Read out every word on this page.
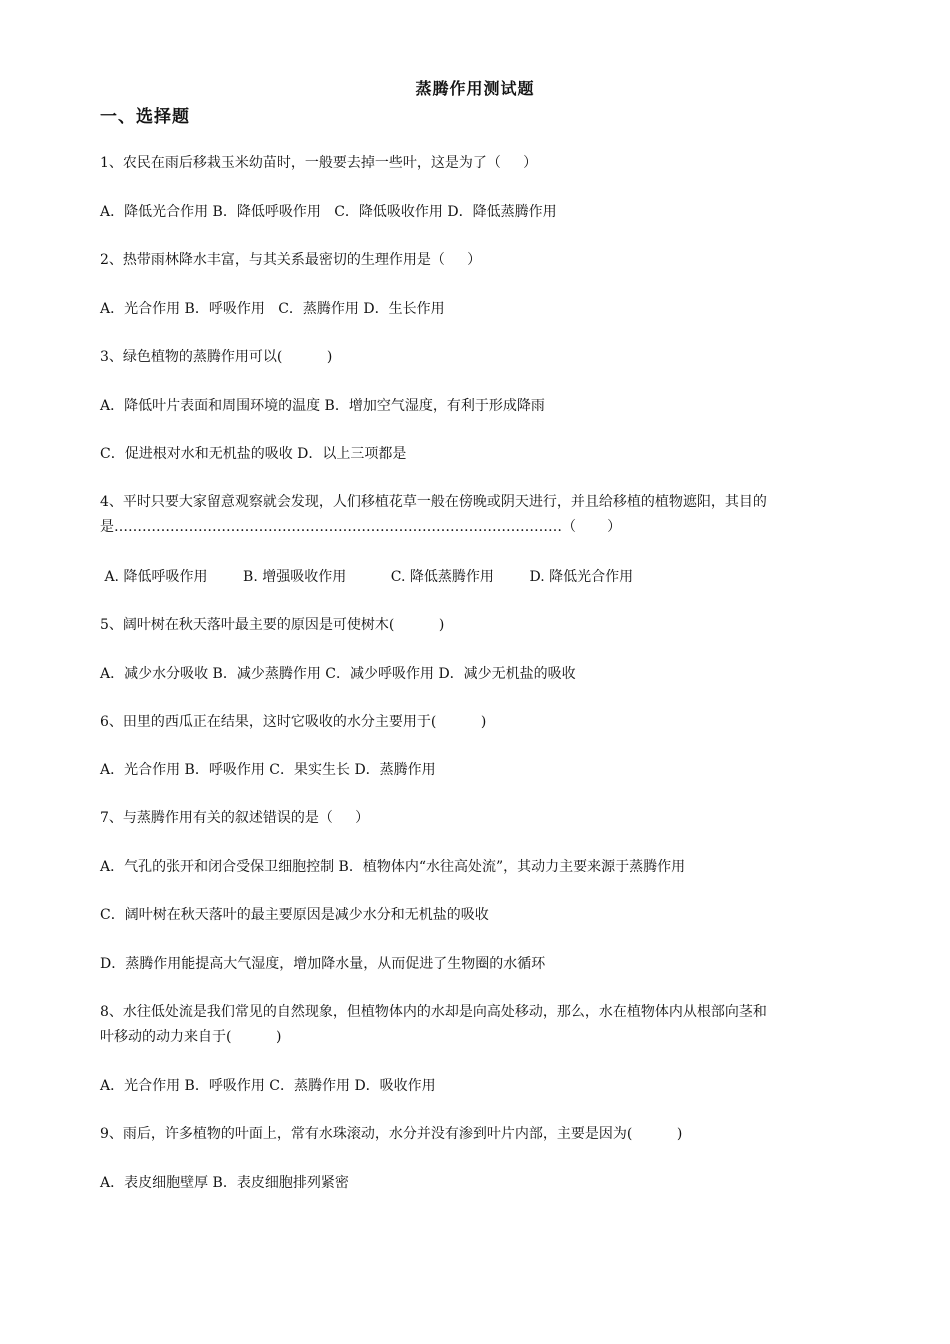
蒸腾作用测试题
一、选择题
1、农民在雨后移栽玉米幼苗时，一般要去掉一些叶，这是为了（     ）
A．降低光合作用 B．降低呼吸作用   C．降低吸收作用 D．降低蒸腾作用
2、热带雨林降水丰富，与其关系最密切的生理作用是（     ）
A．光合作用 B．呼吸作用   C．蒸腾作用 D．生长作用
3、绿色植物的蒸腾作用可以(          )
A．降低叶片表面和周围环境的温度 B．增加空气湿度，有利于形成降雨
C．促进根对水和无机盐的吸收 D．以上三项都是
4、平时只要大家留意观察就会发现，人们移植花草一般在傍晚或阴天进行，并且给移植的植物遮阳，其目的
是……………………………………………………………………………………（       ）
A. 降低呼吸作用        B. 增强吸收作用          C. 降低蒸腾作用        D. 降低光合作用
5、阔叶树在秋天落叶最主要的原因是可使树木(          )
A．减少水分吸收 B．减少蒸腾作用 C．减少呼吸作用 D．减少无机盐的吸收
6、田里的西瓜正在结果，这时它吸收的水分主要用于(          )
A．光合作用 B．呼吸作用 C．果实生长 D．蒸腾作用
7、与蒸腾作用有关的叙述错误的是（     ）
A．气孔的张开和闭合受保卫细胞控制 B．植物体内“水往高处流”，其动力主要来源于蒸腾作用
C．阔叶树在秋天落叶的最主要原因是减少水分和无机盐的吸收
D．蒸腾作用能提高大气湿度，增加降水量，从而促进了生物圈的水循环
8、水往低处流是我们常见的自然现象，但植物体内的水却是向高处移动，那么，水在植物体内从根部向茎和
叶移动的动力来自于(          )
A．光合作用 B．呼吸作用 C．蒸腾作用 D．吸收作用
9、雨后，许多植物的叶面上，常有水珠滚动，水分并没有渗到叶片内部，主要是因为(          )
A．表皮细胞壁厚 B．表皮细胞排列紧密
